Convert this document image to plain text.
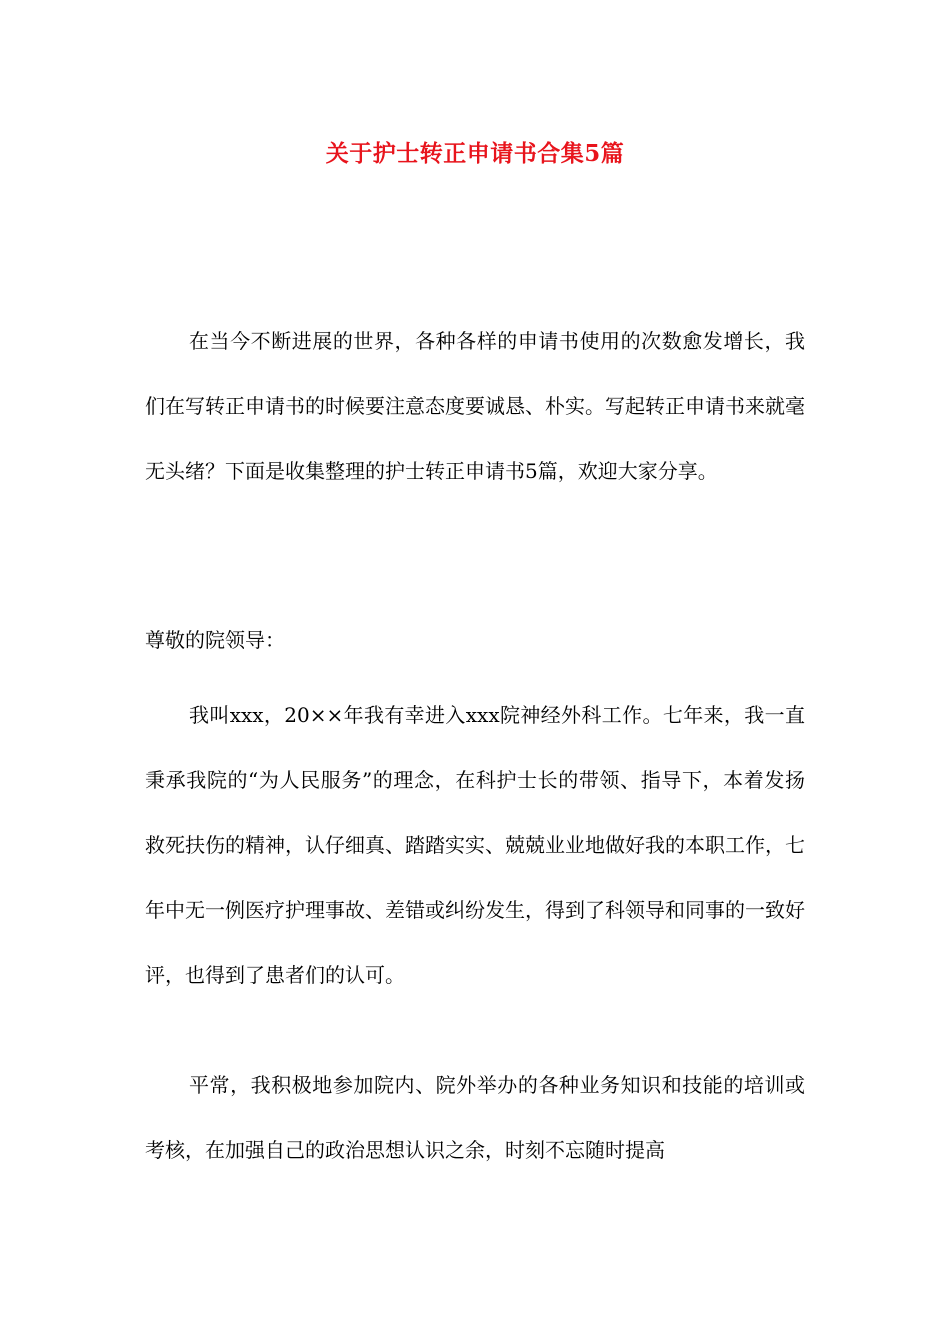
关于护士转正申请书合集5篇

在当今不断进展的世界，各种各样的申请书使用的次数愈发增长，我们在写转正申请书的时候要注意态度要诚恳、朴实。写起转正申请书来就毫无头绪？下面是收集整理的护士转正申请书5篇，欢迎大家分享。

尊敬的院领导：

我叫xxx，20××年我有幸进入xxx院神经外科工作。七年来，我一直秉承我院的“为人民服务”的理念，在科护士长的带领、指导下，本着发扬救死扶伤的精神，认仔细真、踏踏实实、兢兢业业地做好我的本职工作，七年中无一例医疗护理事故、差错或纠纷发生，得到了科领导和同事的一致好评，也得到了患者们的认可。

平常，我积极地参加院内、院外举办的各种业务知识和技能的培训或考核，在加强自己的政治思想认识之余，时刻不忘随时提高
